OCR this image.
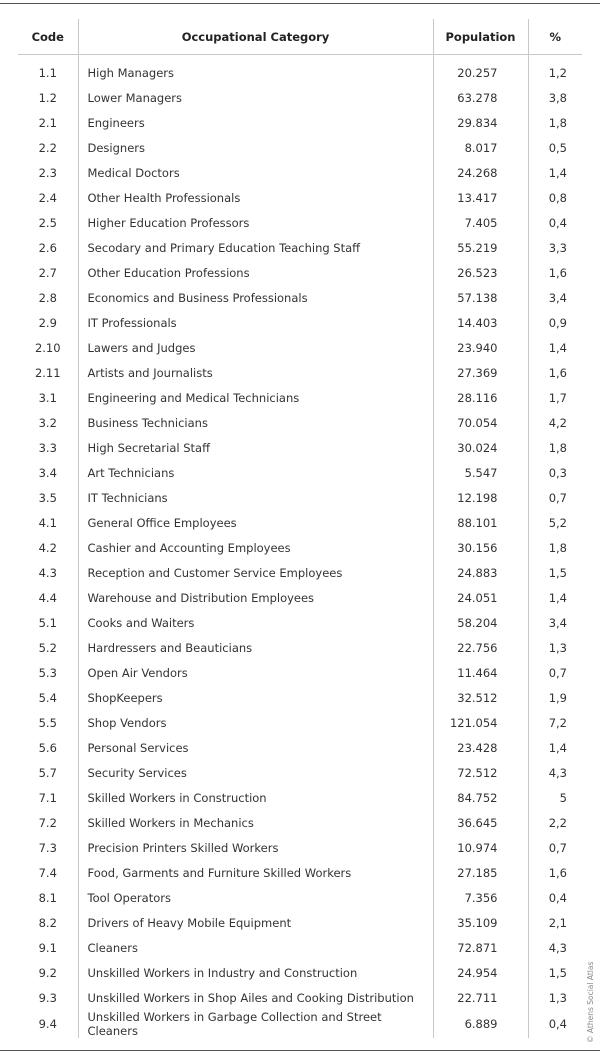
Code	Occupational Category	Population	%
1.1	High Managers	20.257	1,2
1.2	Lower Managers	63.278	3,8
2.1	Engineers	29.834	1,8
2.2	Designers	8.017	0,5
2.3	Medical Doctors	24.268	1,4
2.4	Other Health Professionals	13.417	0,8
2.5	Higher Education Professors	7.405	0,4
2.6	Secodary and Primary Education Teaching Staff	55.219	3,3
2.7	Other Education Professions	26.523	1,6
2.8	Economics and Business Professionals	57.138	3,4
2.9	IT Professionals	14.403	0,9
2.10	Lawers and Judges	23.940	1,4
2.11	Artists and Journalists	27.369	1,6
3.1	Engineering and Medical Technicians	28.116	1,7
3.2	Business Technicians	70.054	4,2
3.3	High Secretarial Staff	30.024	1,8
3.4	Art Technicians	5.547	0,3
3.5	IT Technicians	12.198	0,7
4.1	General Office Employees	88.101	5,2
4.2	Cashier and Accounting Employees	30.156	1,8
4.3	Reception and Customer Service Employees	24.883	1,5
4.4	Warehouse and Distribution Employees	24.051	1,4
5.1	Cooks and Waiters	58.204	3,4
5.2	Hardressers and Beauticians	22.756	1,3
5.3	Open Air Vendors	11.464	0,7
5.4	ShopKeepers	32.512	1,9
5.5	Shop Vendors	121.054	7,2
5.6	Personal Services	23.428	1,4
5.7	Security Services	72.512	4,3
7.1	Skilled Workers in Construction	84.752	5
7.2	Skilled Workers in Mechanics	36.645	2,2
7.3	Precision Printers Skilled Workers	10.974	0,7
7.4	Food, Garments and Furniture Skilled Workers	27.185	1,6
8.1	Tool Operators	7.356	0,4
8.2	Drivers of Heavy Mobile Equipment	35.109	2,1
9.1	Cleaners	72.871	4,3
9.2	Unskilled Workers in Industry and Construction	24.954	1,5
9.3	Unskilled Workers in Shop Ailes and Cooking Distribution	22.711	1,3
9.4	Unskilled Workers in Garbage Collection and Street Cleaners	6.889	0,4	© Athens Social Atlas
